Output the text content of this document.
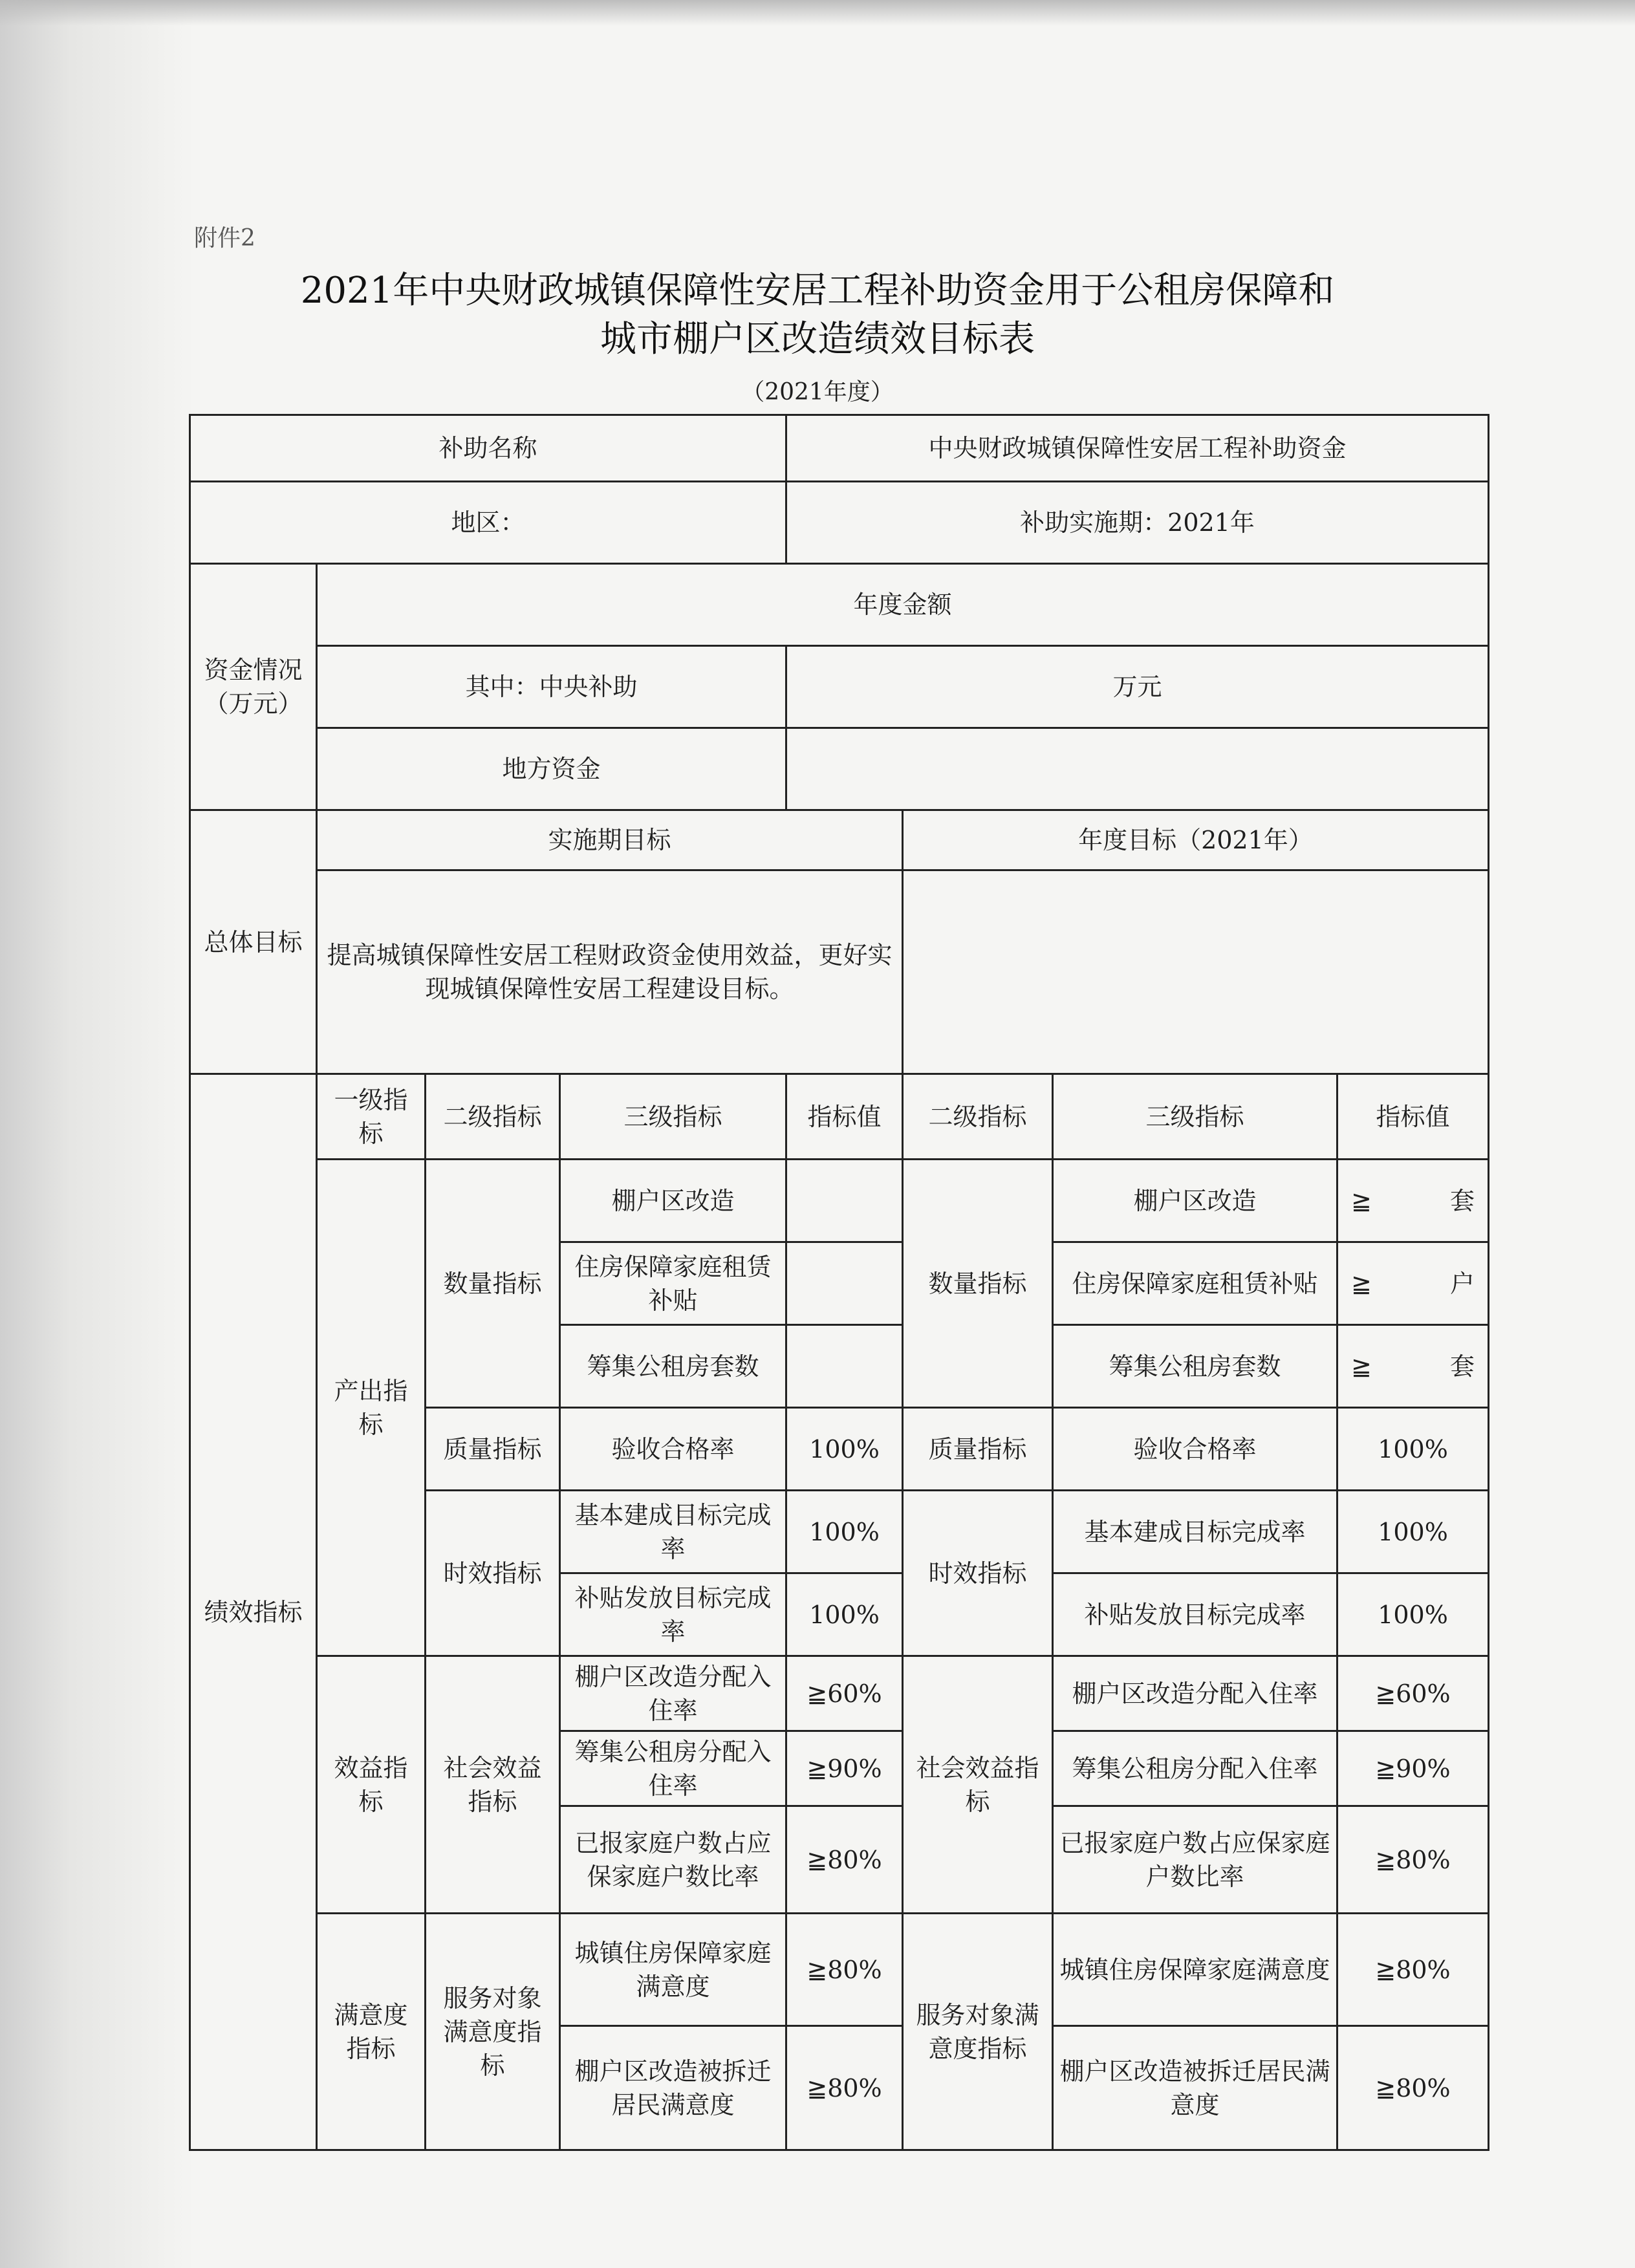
附件2
2021年中央财政城镇保障性安居工程补助资金用于公租房保障和
城市棚户区改造绩效目标表
（2021年度）
补助名称				中央财政城镇保障性安居工程补助资金			
地区：				补助实施期：2021年			
资金情况（万元）	年度金额						
	其中：中央补助			万元			
	地方资金						
总体目标	实施期目标				年度目标（2021年）		
	提高城镇保障性安居工程财政资金使用效益，更好实现城镇保障性安居工程建设目标。						
绩效指标	一级指标	二级指标	三级指标	指标值	二级指标	三级指标	指标值
	产出指标	数量指标	棚户区改造		数量指标	棚户区改造	≧ 套

			住房保障家庭租赁补贴			住房保障家庭租赁补贴	≧ 户

			筹集公租房套数			筹集公租房套数	≧ 套

		质量指标	验收合格率	100%	质量指标	验收合格率	100%
		时效指标	基本建成目标完成率	100%	时效指标	基本建成目标完成率	100%
			补贴发放目标完成率	100%		补贴发放目标完成率	100%
	效益指标	社会效益指标	棚户区改造分配入住率	≧60%	社会效益指标	棚户区改造分配入住率	≧60%
			筹集公租房分配入住率	≧90%		筹集公租房分配入住率	≧90%
			已报家庭户数占应保家庭户数比率	≧80%		已报家庭户数占应保家庭户数比率	≧80%
	满意度指标	服务对象满意度指标	城镇住房保障家庭满意度	≧80%	服务对象满意度指标	城镇住房保障家庭满意度	≧80%
			棚户区改造被拆迁居民满意度	≧80%		棚户区改造被拆迁居民满意度	≧80%
